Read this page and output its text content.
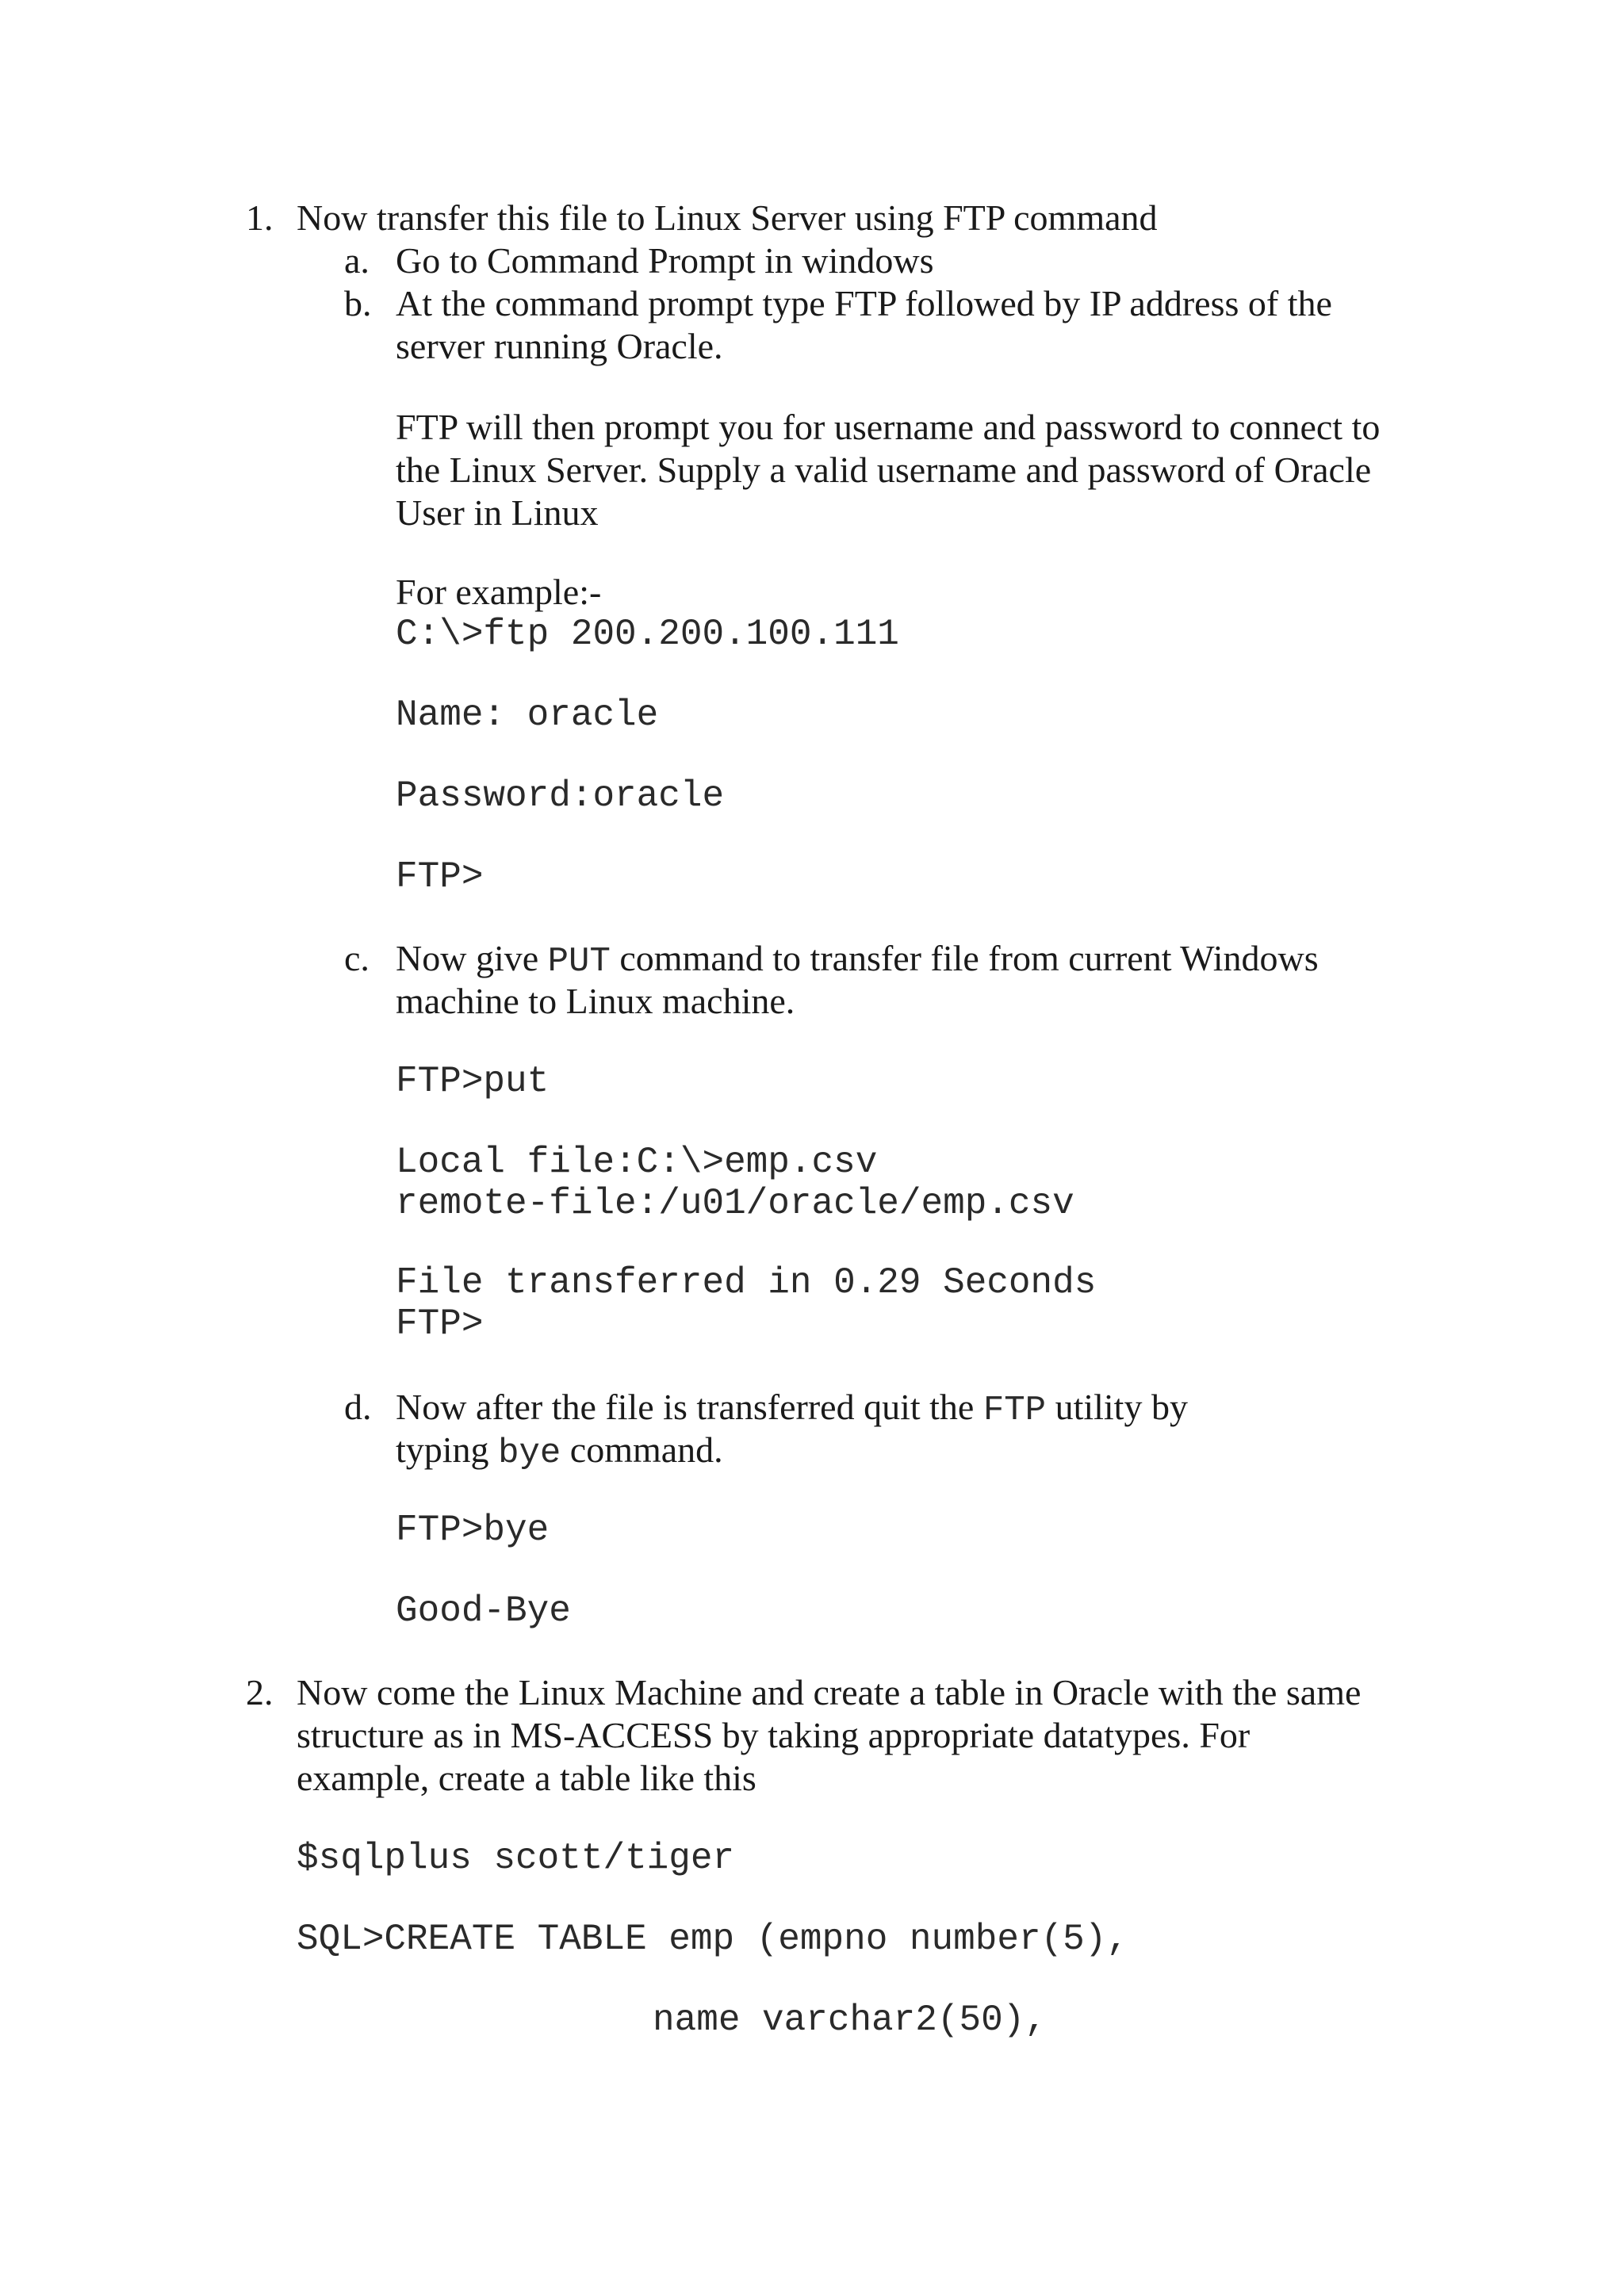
1. Now transfer this file to Linux Server using FTP command
a. Go to Command Prompt in windows
b. At the command prompt type FTP followed by IP address of the
server running Oracle.
FTP will then prompt you for username and password to connect to
the Linux Server. Supply a valid username and password of Oracle
User in Linux
For example:-
C:\>ftp 200.200.100.111
Name: oracle
Password:oracle
FTP>
c. Now give PUT command to transfer file from current Windows
machine to Linux machine.
FTP>put
Local file:C:\>emp.csv
remote-file:/u01/oracle/emp.csv
File transferred in 0.29 Seconds
FTP>
d. Now after the file is transferred quit the FTP utility by
typing bye command.
FTP>bye
Good-Bye
2. Now come the Linux Machine and create a table in Oracle with the same
structure as in MS-ACCESS by taking appropriate datatypes. For
example, create a table like this
$sqlplus scott/tiger
SQL>CREATE TABLE emp (empno number(5),
name varchar2(50),
